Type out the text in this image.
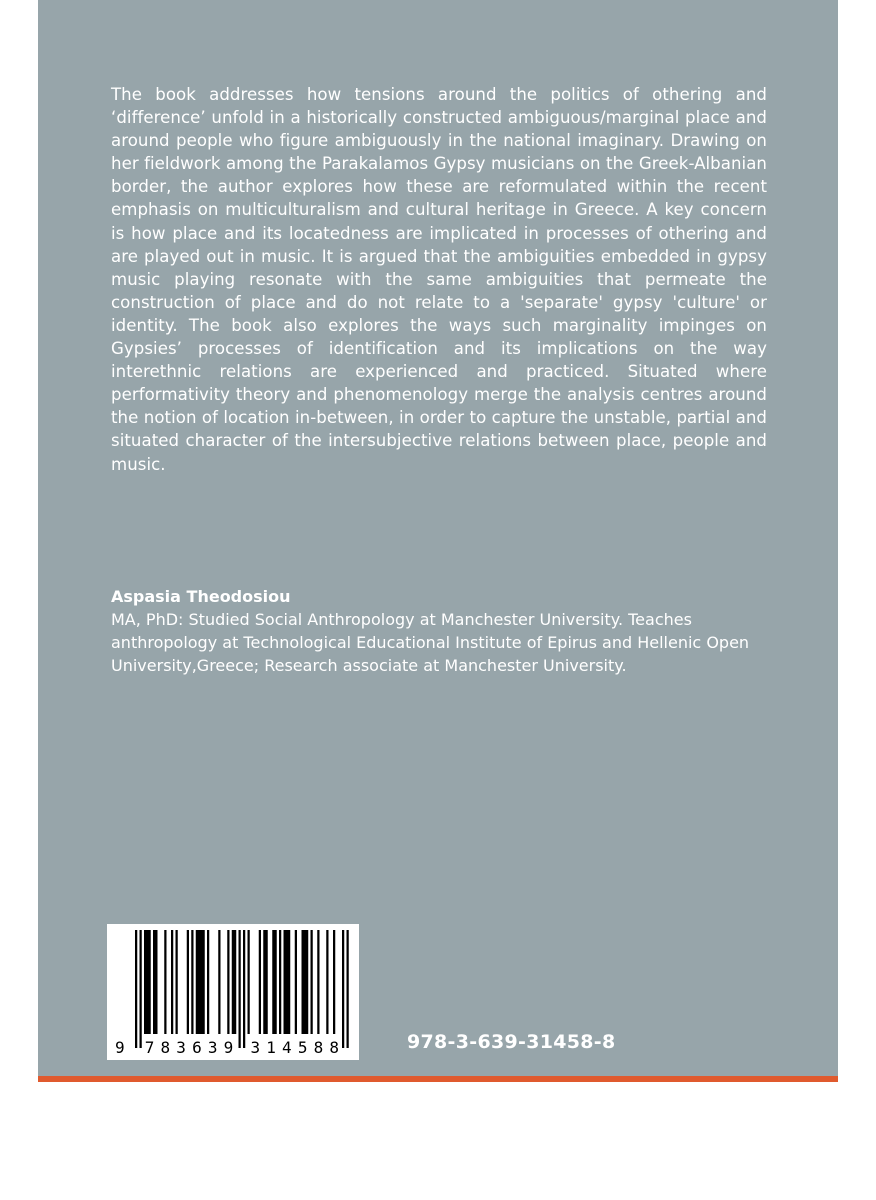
The book addresses how tensions around the politics of othering and ‘difference’ unfold in a historically constructed ambiguous/marginal place and around people who figure ambiguously in the national imaginary. Drawing on her fieldwork among the Parakalamos Gypsy musicians on the Greek-Albanian border, the author explores how these are reformulated within the recent emphasis on multiculturalism and cultural heritage in Greece. A key concern is how place and its locatedness are implicated in processes of othering and are played out in music. It is argued that the ambiguities embedded in gypsy music playing resonate with the same ambiguities that permeate the construction of place and do not relate to a 'separate' gypsy 'culture' or identity. The book also explores the ways such marginality impinges on Gypsies’ processes of identification and its implications on the way interethnic relations are experienced and practiced. Situated where performativity theory and phenomenology merge the analysis centres around the notion of location in-between, in order to capture the unstable, partial and situated character of the intersubjective relations between place, people and music.

Aspasia Theodosiou
MA, PhD: Studied Social Anthropology at Manchester University. Teaches anthropology at Technological Educational Institute of Epirus and Hellenic Open University,Greece; Research associate at Manchester University.
9 783639 314588	978-3-639-31458-8
